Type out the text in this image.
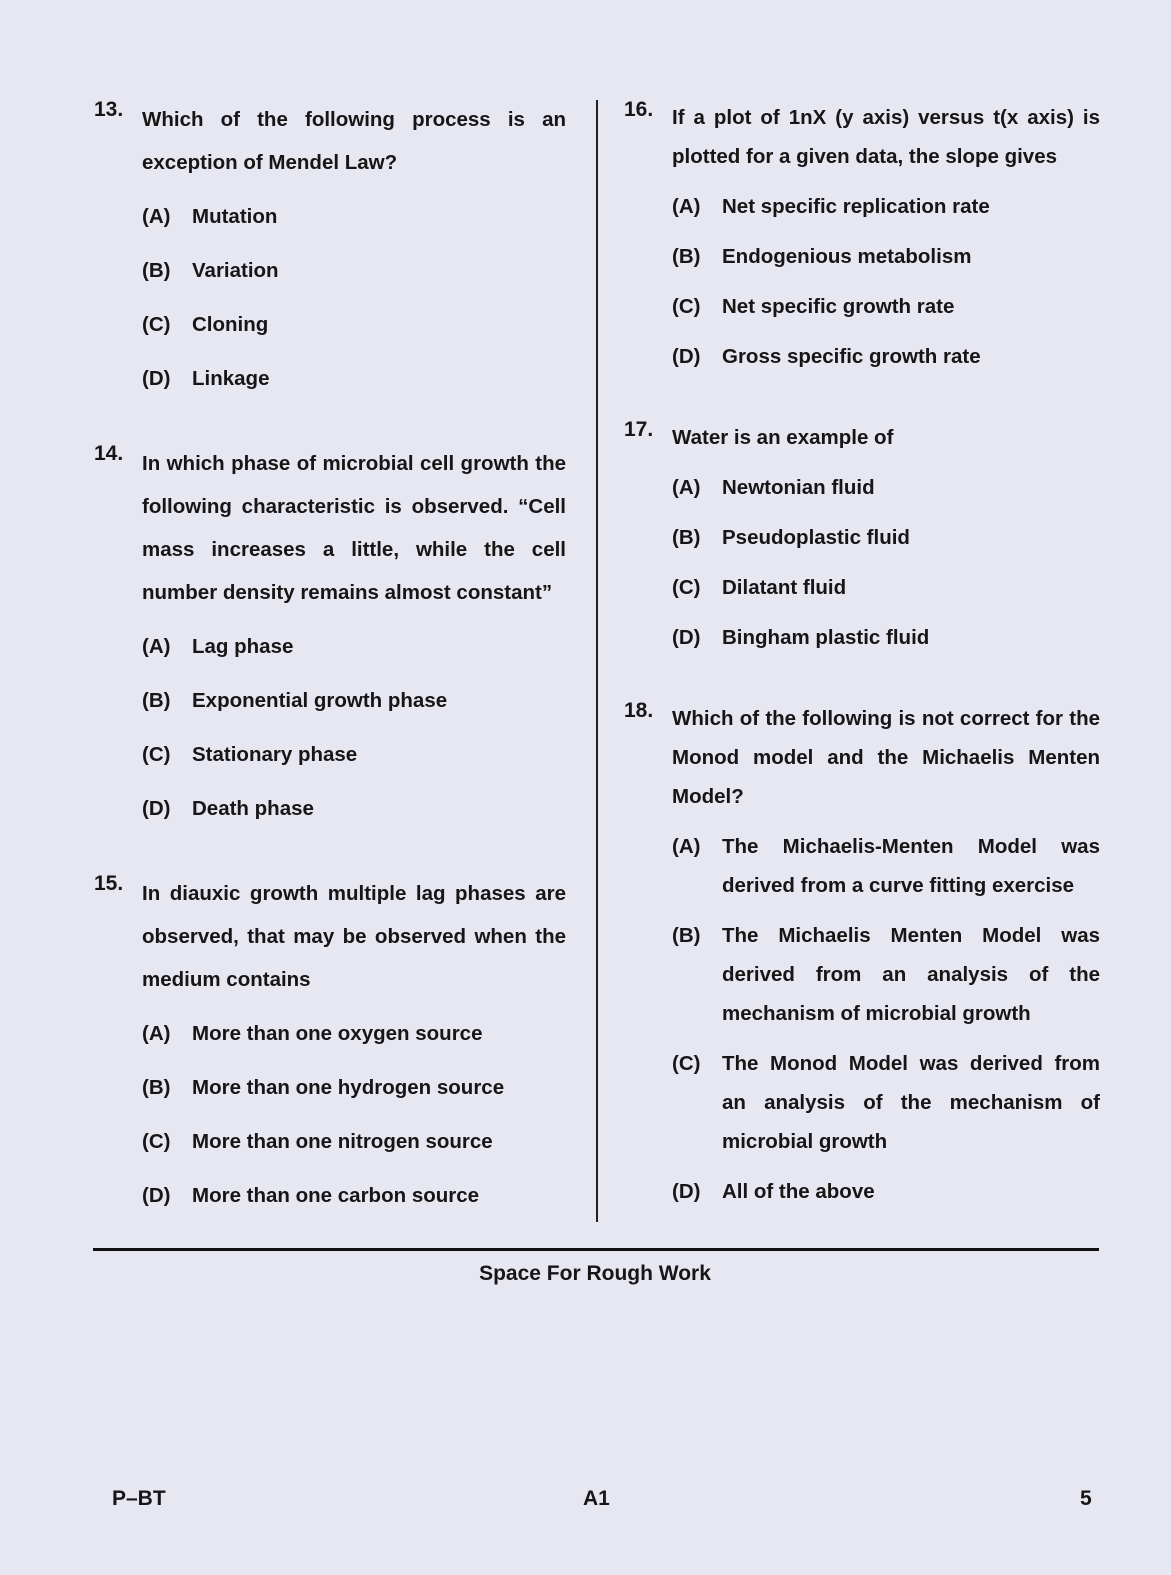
13. Which of the following process is an exception of Mendel Law?
(A) Mutation
(B) Variation
(C) Cloning
(D) Linkage
14. In which phase of microbial cell growth the following characteristic is observed. “Cell mass increases a little, while the cell number density remains almost constant”
(A) Lag phase
(B) Exponential growth phase
(C) Stationary phase
(D) Death phase
15. In diauxic growth multiple lag phases are observed, that may be observed when the medium contains
(A) More than one oxygen source
(B) More than one hydrogen source
(C) More than one nitrogen source
(D) More than one carbon source
16. If a plot of 1nX (y axis) versus t(x axis) is plotted for a given data, the slope gives
(A) Net specific replication rate
(B) Endogenious metabolism
(C) Net specific growth rate
(D) Gross specific growth rate
17. Water is an example of
(A) Newtonian fluid
(B) Pseudoplastic fluid
(C) Dilatant fluid
(D) Bingham plastic fluid
18. Which of the following is not correct for the Monod model and the Michaelis Menten Model?
(A) The Michaelis-Menten Model was derived from a curve fitting exercise
(B) The Michaelis Menten Model was derived from an analysis of the mechanism of microbial growth
(C) The Monod Model was derived from an analysis of the mechanism of microbial growth
(D) All of the above
Space For Rough Work
P–BT	A1	5
